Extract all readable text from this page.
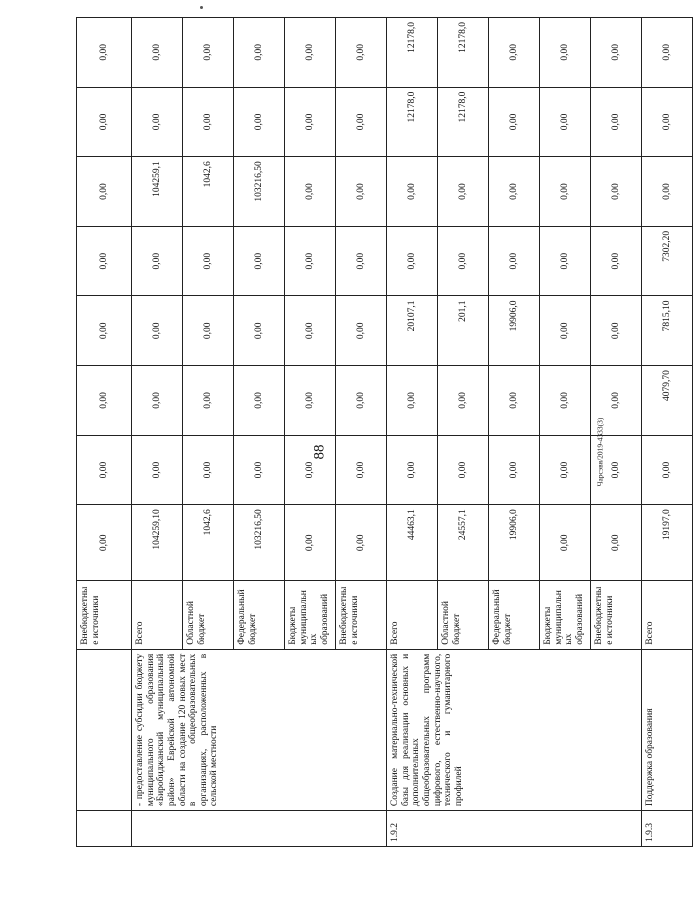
88	Чарсэвя/2019-4333(3)
		Внебюджетные источники	0,00	0,00	0,00	0,00	0,00	0,00	0,00	0,00
	- предоставление субсидии бюджету муниципального образования «Биробиджанский муниципальный район» Еврейской автономной области на создание 120 новых мест в общеобразовательных организациях, расположенных в сельской местности	Всего	104259,10	0,00	0,00	0,00	0,00	104259,1	0,00	0,00
		Областной бюджет	1042,6	0,00	0,00	0,00	0,00	1042,6	0,00	0,00
		Федеральный бюджет	103216,50	0,00	0,00	0,00	0,00	103216,50	0,00	0,00
		Бюджеты муниципальных образований	0,00	0,00	0,00	0,00	0,00	0,00	0,00	0,00
		Внебюджетные источники	0,00	0,00	0,00	0,00	0,00	0,00	0,00	0,00
1.9.2	Создание материально-технической базы для реализации основных и дополнительных общеобразовательных программ цифрового, естественно-научного, технического и гуманитарного профилей	Всего	44463,1	0,00	0,00	20107,1	0,00	0,00	12178,0	12178,0
		Областной бюджет	24557,1	0,00	0,00	201,1	0,00	0,00	12178,0	12178,0
		Федеральный бюджет	19906,0	0,00	0,00	19906,0	0,00	0,00	0,00	0,00
		Бюджеты муниципальных образований	0,00	0,00	0,00	0,00	0,00	0,00	0,00	0,00
		Внебюджетные источники	0,00	0,00	0,00	0,00	0,00	0,00	0,00	0,00
1.9.3	Поддержка образования	Всего	19197,0	0,00	4079,70	7815,10	7302,20	0,00	0,00	0,00
